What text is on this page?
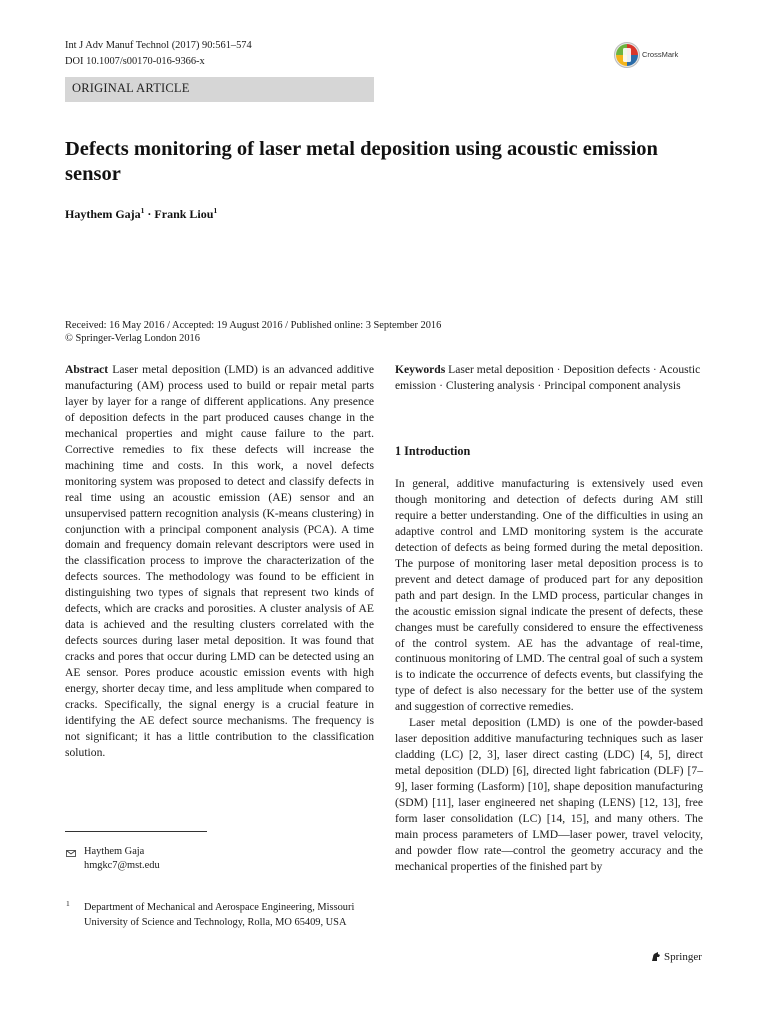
Int J Adv Manuf Technol (2017) 90:561–574
DOI 10.1007/s00170-016-9366-x
CrossMark
ORIGINAL ARTICLE
Defects monitoring of laser metal deposition using acoustic emission sensor
Haythem Gaja$^1$ · Frank Liou$^1$
Received: 16 May 2016 / Accepted: 19 August 2016 / Published online: 3 September 2016
© Springer-Verlag London 2016
Abstract Laser metal deposition (LMD) is an advanced additive manufacturing (AM) process used to build or repair metal parts layer by layer for a range of different applications. Any presence of deposition defects in the part produced causes change in the mechanical properties and might cause failure to the part. Corrective remedies to fix these defects will increase the machining time and costs. In this work, a novel defects monitoring system was proposed to detect and classify defects in real time using an acoustic emission (AE) sensor and an unsupervised pattern recognition analysis (K-means clustering) in conjunction with a principal component analysis (PCA). A time domain and frequency domain relevant descriptors were used in the classification process to improve the characterization of the defects sources. The methodology was found to be efficient in distinguishing two types of signals that represent two kinds of defects, which are cracks and porosities. A cluster analysis of AE data is achieved and the resulting clusters correlated with the defects sources during laser metal deposition. It was found that cracks and pores that occur during LMD can be detected using an AE sensor. Pores produce acoustic emission events with high energy, shorter decay time, and less amplitude when compared to cracks. Specifically, the signal energy is a crucial feature in identifying the AE defect source mechanisms. The frequency is not significant; it has a little contribution to the classification solution.
Keywords Laser metal deposition · Deposition defects · Acoustic emission · Clustering analysis · Principal component analysis
1 Introduction

In general, additive manufacturing is extensively used even though monitoring and detection of defects during AM still require a better understanding. One of the difficulties in using an adaptive control and LMD monitoring system is the accurate detection of defects as being formed during the metal deposition. The purpose of monitoring laser metal deposition process is to prevent and detect damage of produced part for any deposition path and part design. In the LMD process, particular changes in the acoustic emission signal indicate the present of defects, these changes must be carefully considered to ensure the effectiveness of the control system. AE has the advantage of real-time, continuous monitoring of LMD. The central goal of such a system is to indicate the occurrence of defects events, but classifying the type of defect is also necessary for the better use of the system and suggestion of corrective remedies.

Laser metal deposition (LMD) is one of the powder-based laser deposition additive manufacturing techniques such as laser cladding (LC) [2, 3], laser direct casting (LDC) [4, 5], direct metal deposition (DLD) [6], directed light fabrication (DLF) [7–9], laser forming (Lasform) [10], shape deposition manufacturing (SDM) [11], laser engineered net shaping (LENS) [12, 13], free form laser consolidation (LC) [14, 15], and many others. The main process parameters of LMD—laser power, travel velocity, and powder flow rate—control the geometry accuracy and the mechanical properties of the finished part by

Haythem Gaja
hmgkc7@mst.edu
1 Department of Mechanical and Aerospace Engineering, Missouri University of Science and Technology, Rolla, MO 65409, USA
Springer
